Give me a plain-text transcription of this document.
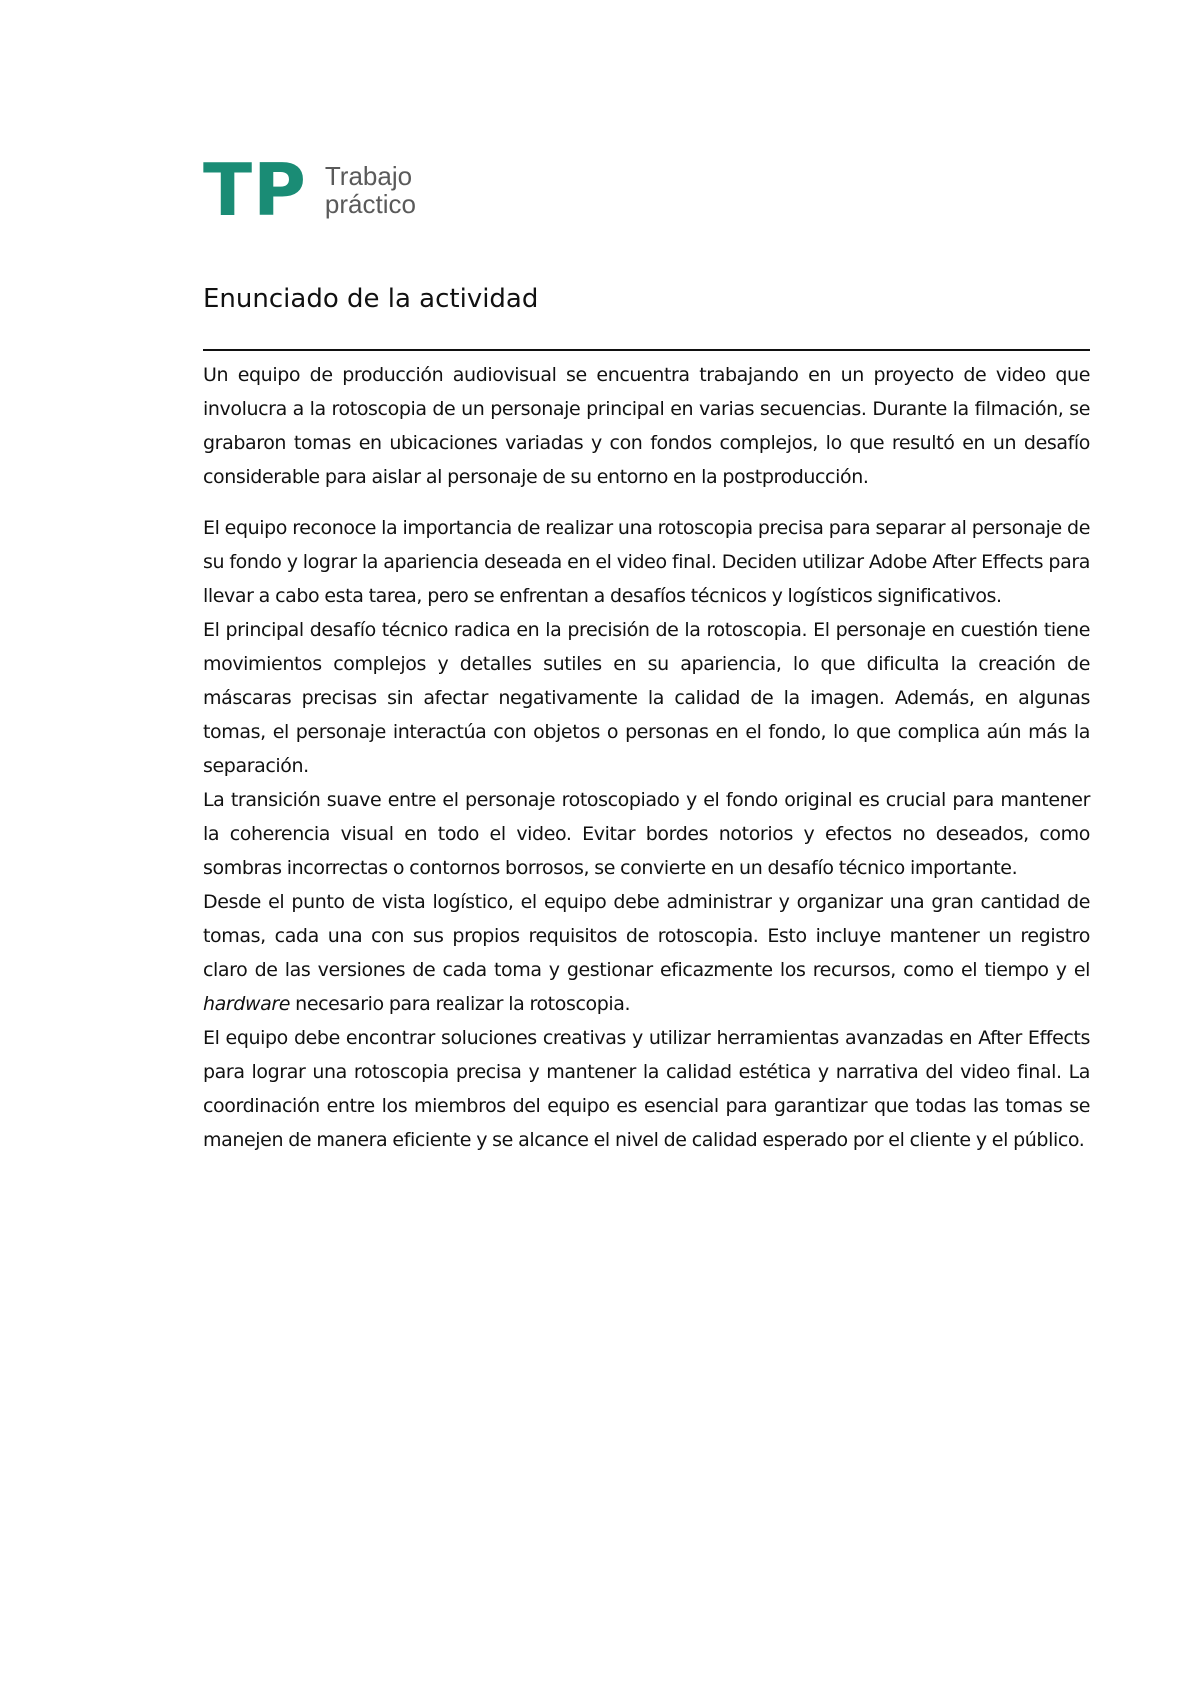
TP Trabajo
práctico
Enunciado de la actividad

Un equipo de producción audiovisual se encuentra trabajando en un proyecto de video que involucra a la rotoscopia de un personaje principal en varias secuencias. Durante la filmación, se grabaron tomas en ubicaciones variadas y con fondos complejos, lo que resultó en un desafío considerable para aislar al personaje de su entorno en la postproducción.

El equipo reconoce la importancia de realizar una rotoscopia precisa para separar al personaje de su fondo y lograr la apariencia deseada en el video final. Deciden utilizar Adobe After Effects para llevar a cabo esta tarea, pero se enfrentan a desafíos técnicos y logísticos significativos.

El principal desafío técnico radica en la precisión de la rotoscopia. El personaje en cuestión tiene movimientos complejos y detalles sutiles en su apariencia, lo que dificulta la creación de máscaras precisas sin afectar negativamente la calidad de la imagen. Además, en algunas tomas, el personaje interactúa con objetos o personas en el fondo, lo que complica aún más la separación.

La transición suave entre el personaje rotoscopiado y el fondo original es crucial para mantener la coherencia visual en todo el video. Evitar bordes notorios y efectos no deseados, como sombras incorrectas o contornos borrosos, se convierte en un desafío técnico importante.

Desde el punto de vista logístico, el equipo debe administrar y organizar una gran cantidad de tomas, cada una con sus propios requisitos de rotoscopia. Esto incluye mantener un registro claro de las versiones de cada toma y gestionar eficazmente los recursos, como el tiempo y el hardware necesario para realizar la rotoscopia.

El equipo debe encontrar soluciones creativas y utilizar herramientas avanzadas en After Effects para lograr una rotoscopia precisa y mantener la calidad estética y narrativa del video final. La coordinación entre los miembros del equipo es esencial para garantizar que todas las tomas se manejen de manera eficiente y se alcance el nivel de calidad esperado por el cliente y el público.
